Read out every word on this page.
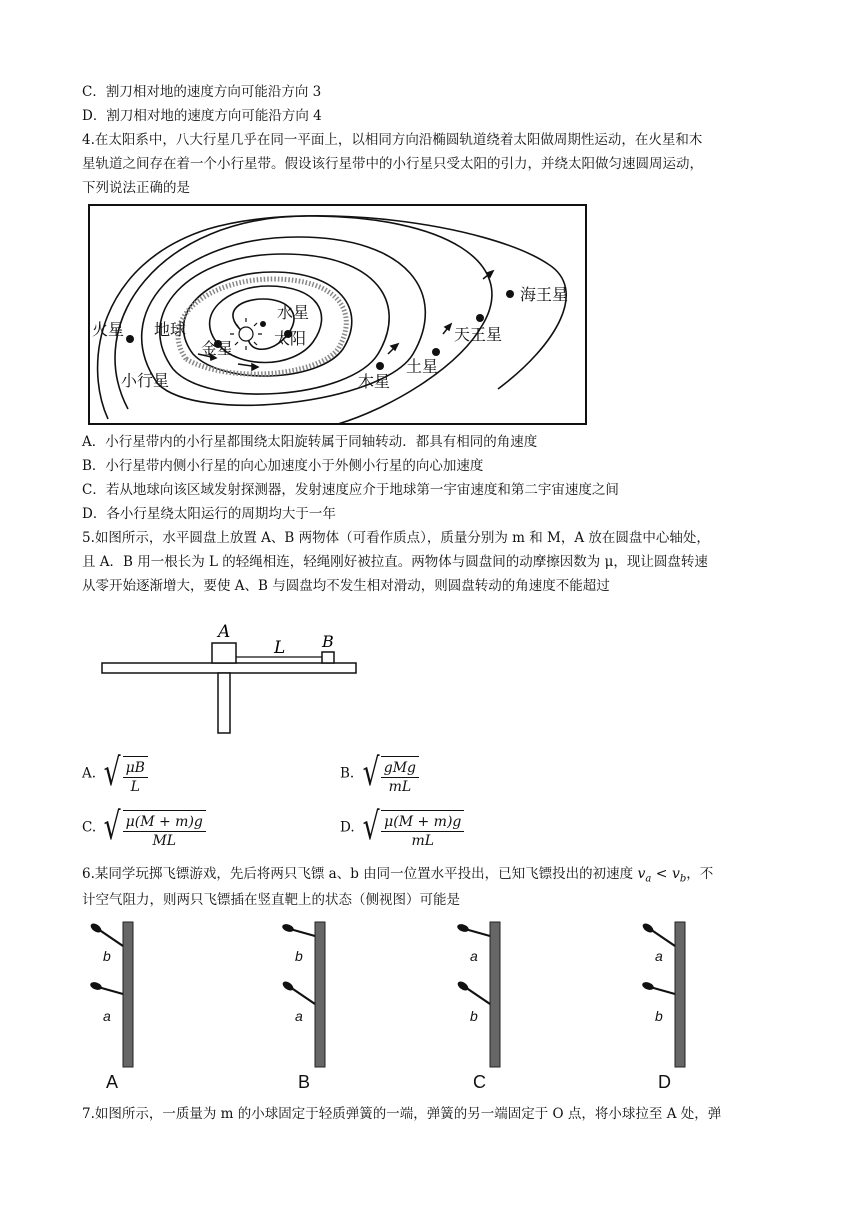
C．割刀相对地的速度方向可能沿方向 3
D．割刀相对地的速度方向可能沿方向 4
4.在太阳系中，八大行星几乎在同一平面上，以相同方向沿椭圆轨道绕着太阳做周期性运动，在火星和木
星轨道之间存在着一个小行星带。假设该行星带中的小行星只受太阳的引力，并绕太阳做匀速圆周运动，
下列说法正确的是
水星
太阳
金星
地球
火星
小行星	木星
土星
天王星
海王星
A．小行星带内的小行星都围绕太阳旋转属于同轴转动．都具有相同的角速度
B．小行星带内侧小行星的向心加速度小于外侧小行星的向心加速度
C．若从地球向该区域发射探测器，发射速度应介于地球第一宇宙速度和第二宇宙速度之间
D．各小行星绕太阳运行的周期均大于一年
5.如图所示，水平圆盘上放置 A、B 两物体（可看作质点），质量分别为 m 和 M，A 放在圆盘中心轴处，
且 A．B 用一根长为 L 的轻绳相连，轻绳刚好被拉直。两物体与圆盘间的动摩擦因数为 μ，现让圆盘转速
从零开始逐渐增大，要使 A、B 与圆盘均不发生相对滑动，则圆盘转动的角速度不能超过
A
L B
A. √ $\frac{\mu B}{L}$	B. √ $\frac{\text{gMg}}{mL}$
C. √ $\frac{\mu(M + m)g}{ML}$	D. √ $\frac{\mu(M + m)g}{mL}$
6.某同学玩掷飞镖游戏，先后将两只飞镖 a、b 由同一位置水平投出，已知飞镖投出的初速度 $v_a < v_b$，不
计空气阻力，则两只飞镖插在竖直靶上的状态（侧视图）可能是
b
a
A
b
a
B
a
b
C
a
b
D
7.如图所示，一质量为 m 的小球固定于轻质弹簧的一端，弹簧的另一端固定于 O 点，将小球拉至 A 处，弹
